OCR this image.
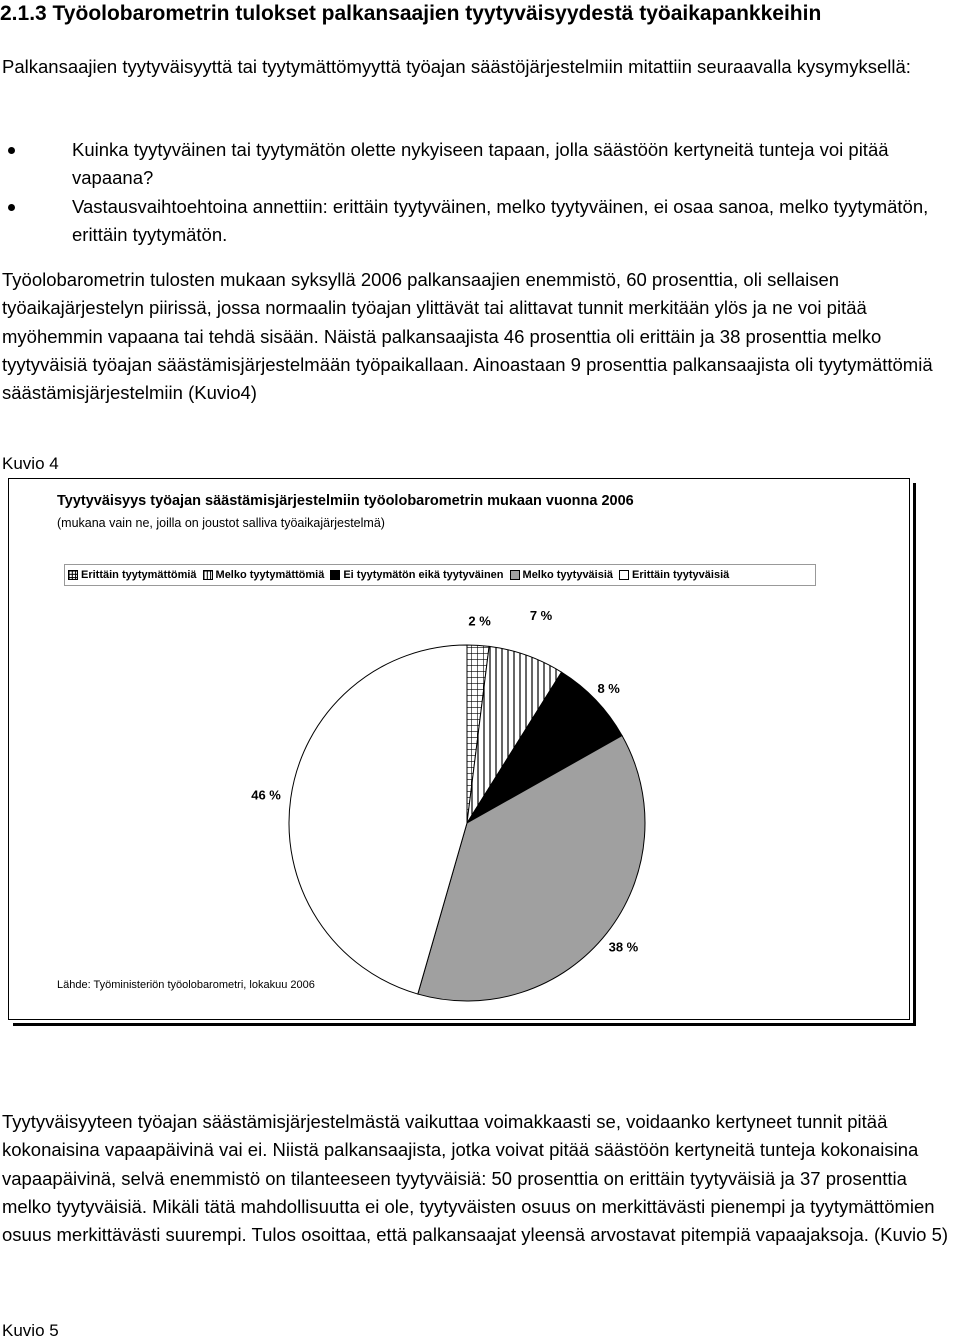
2.1.3 Työolobarometrin tulokset palkansaajien tyytyväisyydestä työaikapankkeihin

Palkansaajien tyytyväisyyttä tai tyytymättömyyttä työajan säästöjärjestelmiin mitattiin seuraavalla kysymyksellä:

Kuinka tyytyväinen tai tyytymätön olette nykyiseen tapaan, jolla säästöön kertyneitä tunteja voi pitää vapaana?
Vastausvaihtoehtoina annettiin: erittäin tyytyväinen, melko tyytyväinen, ei osaa sanoa, melko tyytymätön, erittäin tyytymätön.

Työolobarometrin tulosten mukaan syksyllä 2006 palkansaajien enemmistö, 60 prosenttia, oli sellaisen työaikajärjestelyn piirissä, jossa normaalin työajan ylittävät tai alittavat tunnit merkitään ylös ja ne voi pitää myöhemmin vapaana tai tehdä sisään. Näistä palkansaajista 46 prosenttia oli erittäin ja 38 prosenttia melko tyytyväisiä työajan säästämisjärjestelmään työpaikallaan. Ainoastaan 9 prosenttia palkansaajista oli tyytymättömiä säästämisjärjestelmiin (Kuvio4)

Kuvio 4
Tyytyväisyys työajan säästämisjärjestelmiin työolobarometrin mukaan vuonna 2006
(mukana vain ne, joilla on joustot salliva työaikajärjestelmä)
Erittäin tyytymättömiä Melko tyytymättömiä Ei tyytymätön eikä tyytyväinen Melko tyytyväisiä Erittäin tyytyväisiä
2 %	7 %
8 %
38 %
46 %
Lähde: Työministeriön työolobarometri, lokakuu 2006

Tyytyväisyyteen työajan säästämisjärjestelmästä vaikuttaa voimakkaasti se, voidaanko kertyneet tunnit pitää kokonaisina vapaapäivinä vai ei. Niistä palkansaajista, jotka voivat pitää säästöön kertyneitä tunteja kokonaisina vapaapäivinä, selvä enemmistö on tilanteeseen tyytyväisiä: 50 prosenttia on erittäin tyytyväisiä ja 37 prosenttia melko tyytyväisiä. Mikäli tätä mahdollisuutta ei ole, tyytyväisten osuus on merkittävästi pienempi ja tyytymättömien osuus merkittävästi suurempi. Tulos osoittaa, että palkansaajat yleensä arvostavat pitempiä vapaajaksoja. (Kuvio 5)

Kuvio 5
